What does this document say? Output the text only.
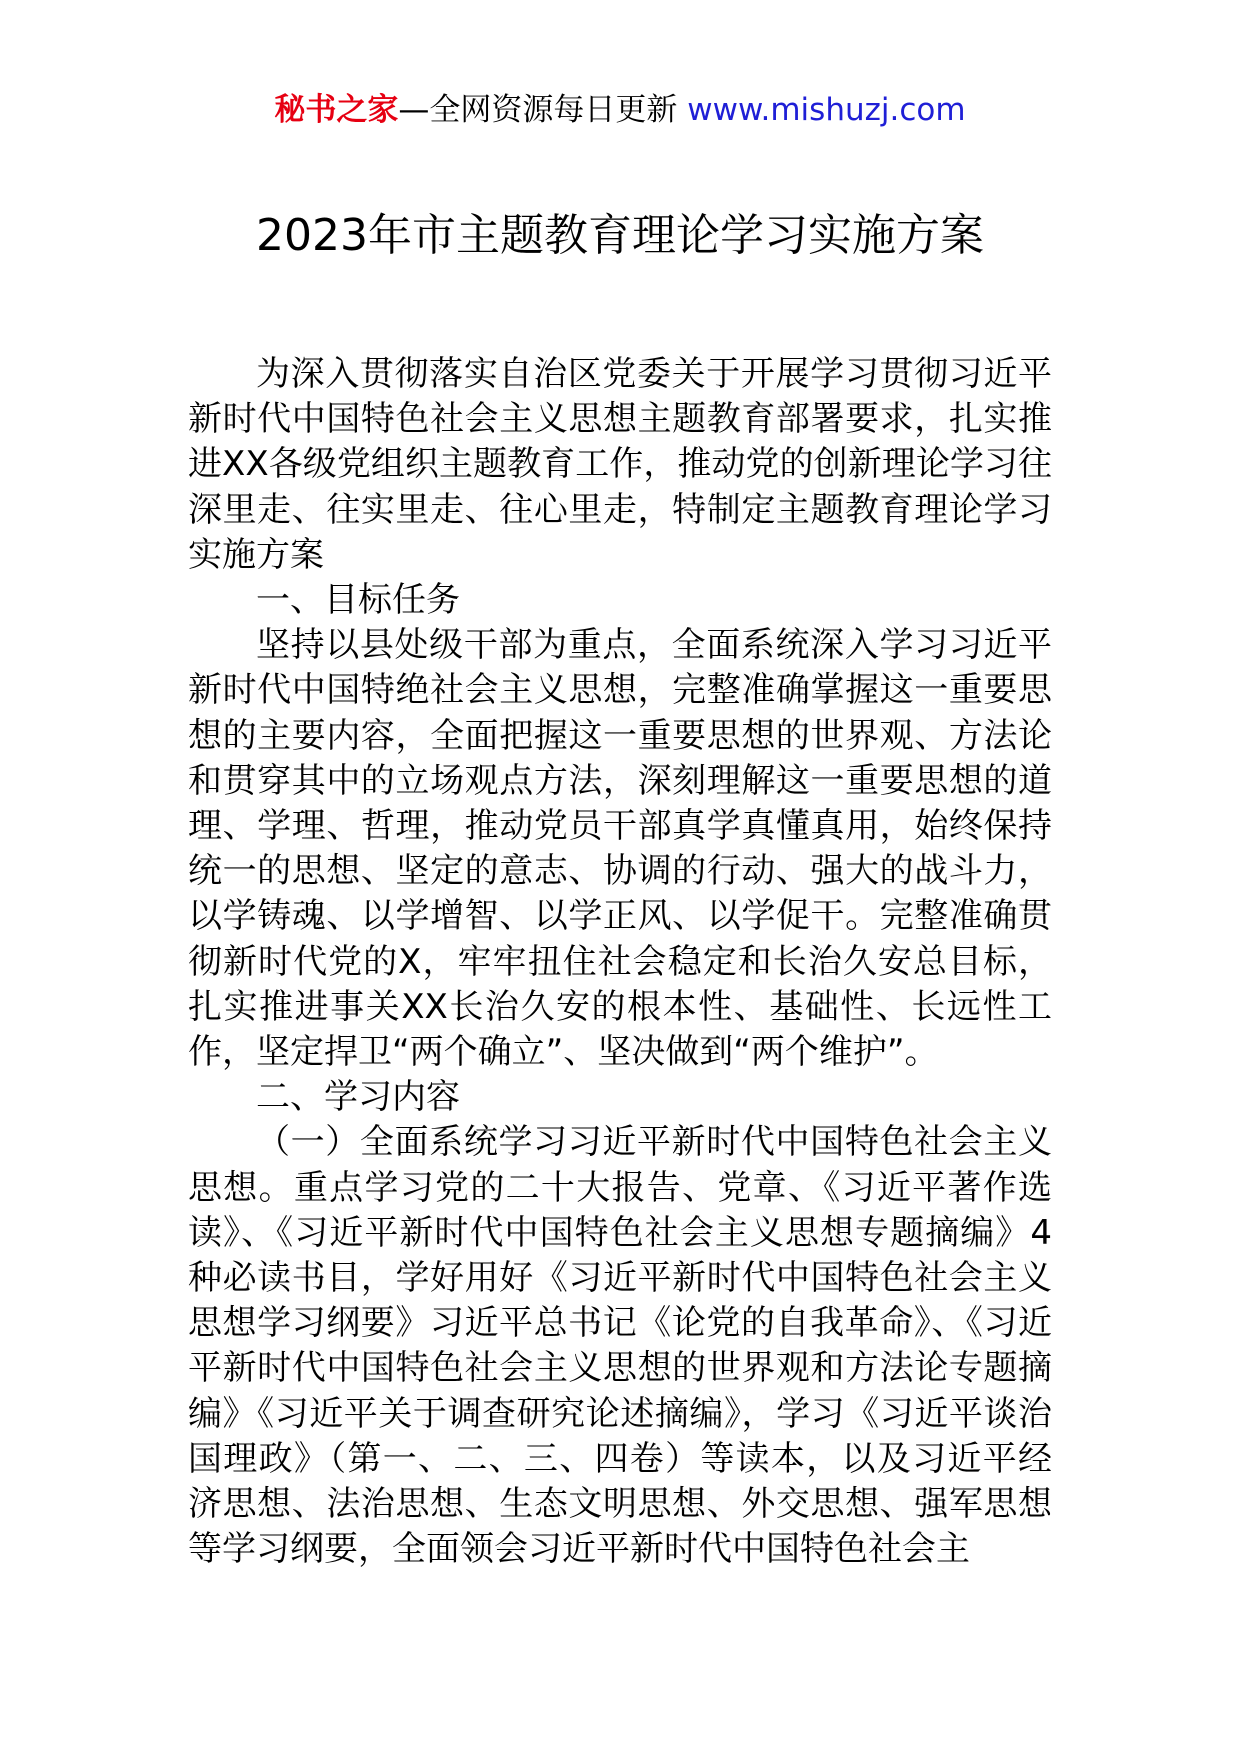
秘书之家—全网资源每日更新 www.mishuzj.com
2023年市主题教育理论学习实施方案

为深入贯彻落实自治区党委关于开展学习贯彻习近平新时代中国特色社会主义思想主题教育部署要求，扎实推进XX各级党组织主题教育工作，推动党的创新理论学习往深里走、往实里走、往心里走，特制定主题教育理论学习实施方案

一、目标任务

坚持以县处级干部为重点，全面系统深入学习习近平新时代中国特绝社会主义思想，完整准确掌握这一重要思想的主要内容，全面把握这一重要思想的世界观、方法论和贯穿其中的立场观点方法，深刻理解这一重要思想的道理、学理、哲理，推动党员干部真学真懂真用，始终保持统一的思想、坚定的意志、协调的行动、强大的战斗力，以学铸魂、以学增智、以学正风、以学促干。完整准确贯彻新时代党的X，牢牢扭住社会稳定和长治久安总目标，扎实推进事关XX长治久安的根本性、基础性、长远性工作，坚定捍卫“两个确立”、坚决做到“两个维护”。

二、学习内容

（一）全面系统学习习近平新时代中国特色社会主义思想。重点学习党的二十大报告、党章、《习近平著作选读》、《习近平新时代中国特色社会主义思想专题摘编》4种必读书目，学好用好《习近平新时代中国特色社会主义思想学习纲要》习近平总书记《论党的自我革命》、《习近平新时代中国特色社会主义思想的世界观和方法论专题摘编》《习近平关于调查研究论述摘编》，学习《习近平谈治国理政》（第一、二、三、四卷）等读本，以及习近平经济思想、法治思想、生态文明思想、外交思想、强军思想等学习纲要，全面领会习近平新时代中国特色社会主
